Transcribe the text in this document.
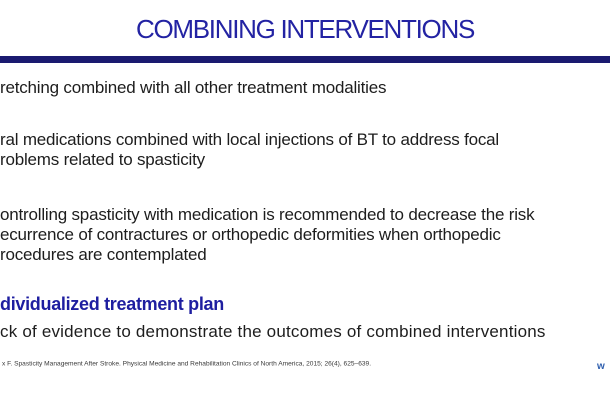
COMBINING INTERVENTIONS
retching combined with all other treatment modalities
ral medications combined with local injections of BT to address focal
roblems related to spasticity
ontrolling spasticity with medication is recommended to decrease the risk
ecurrence of contractures or orthopedic deformities when orthopedic
rocedures are contemplated
dividualized treatment plan
ck of evidence to demonstrate the outcomes of combined interventions
x F. Spasticity Management After Stroke. Physical Medicine and Rehabilitation Clinics of North America, 2015; 26(4), 625–639.	w
